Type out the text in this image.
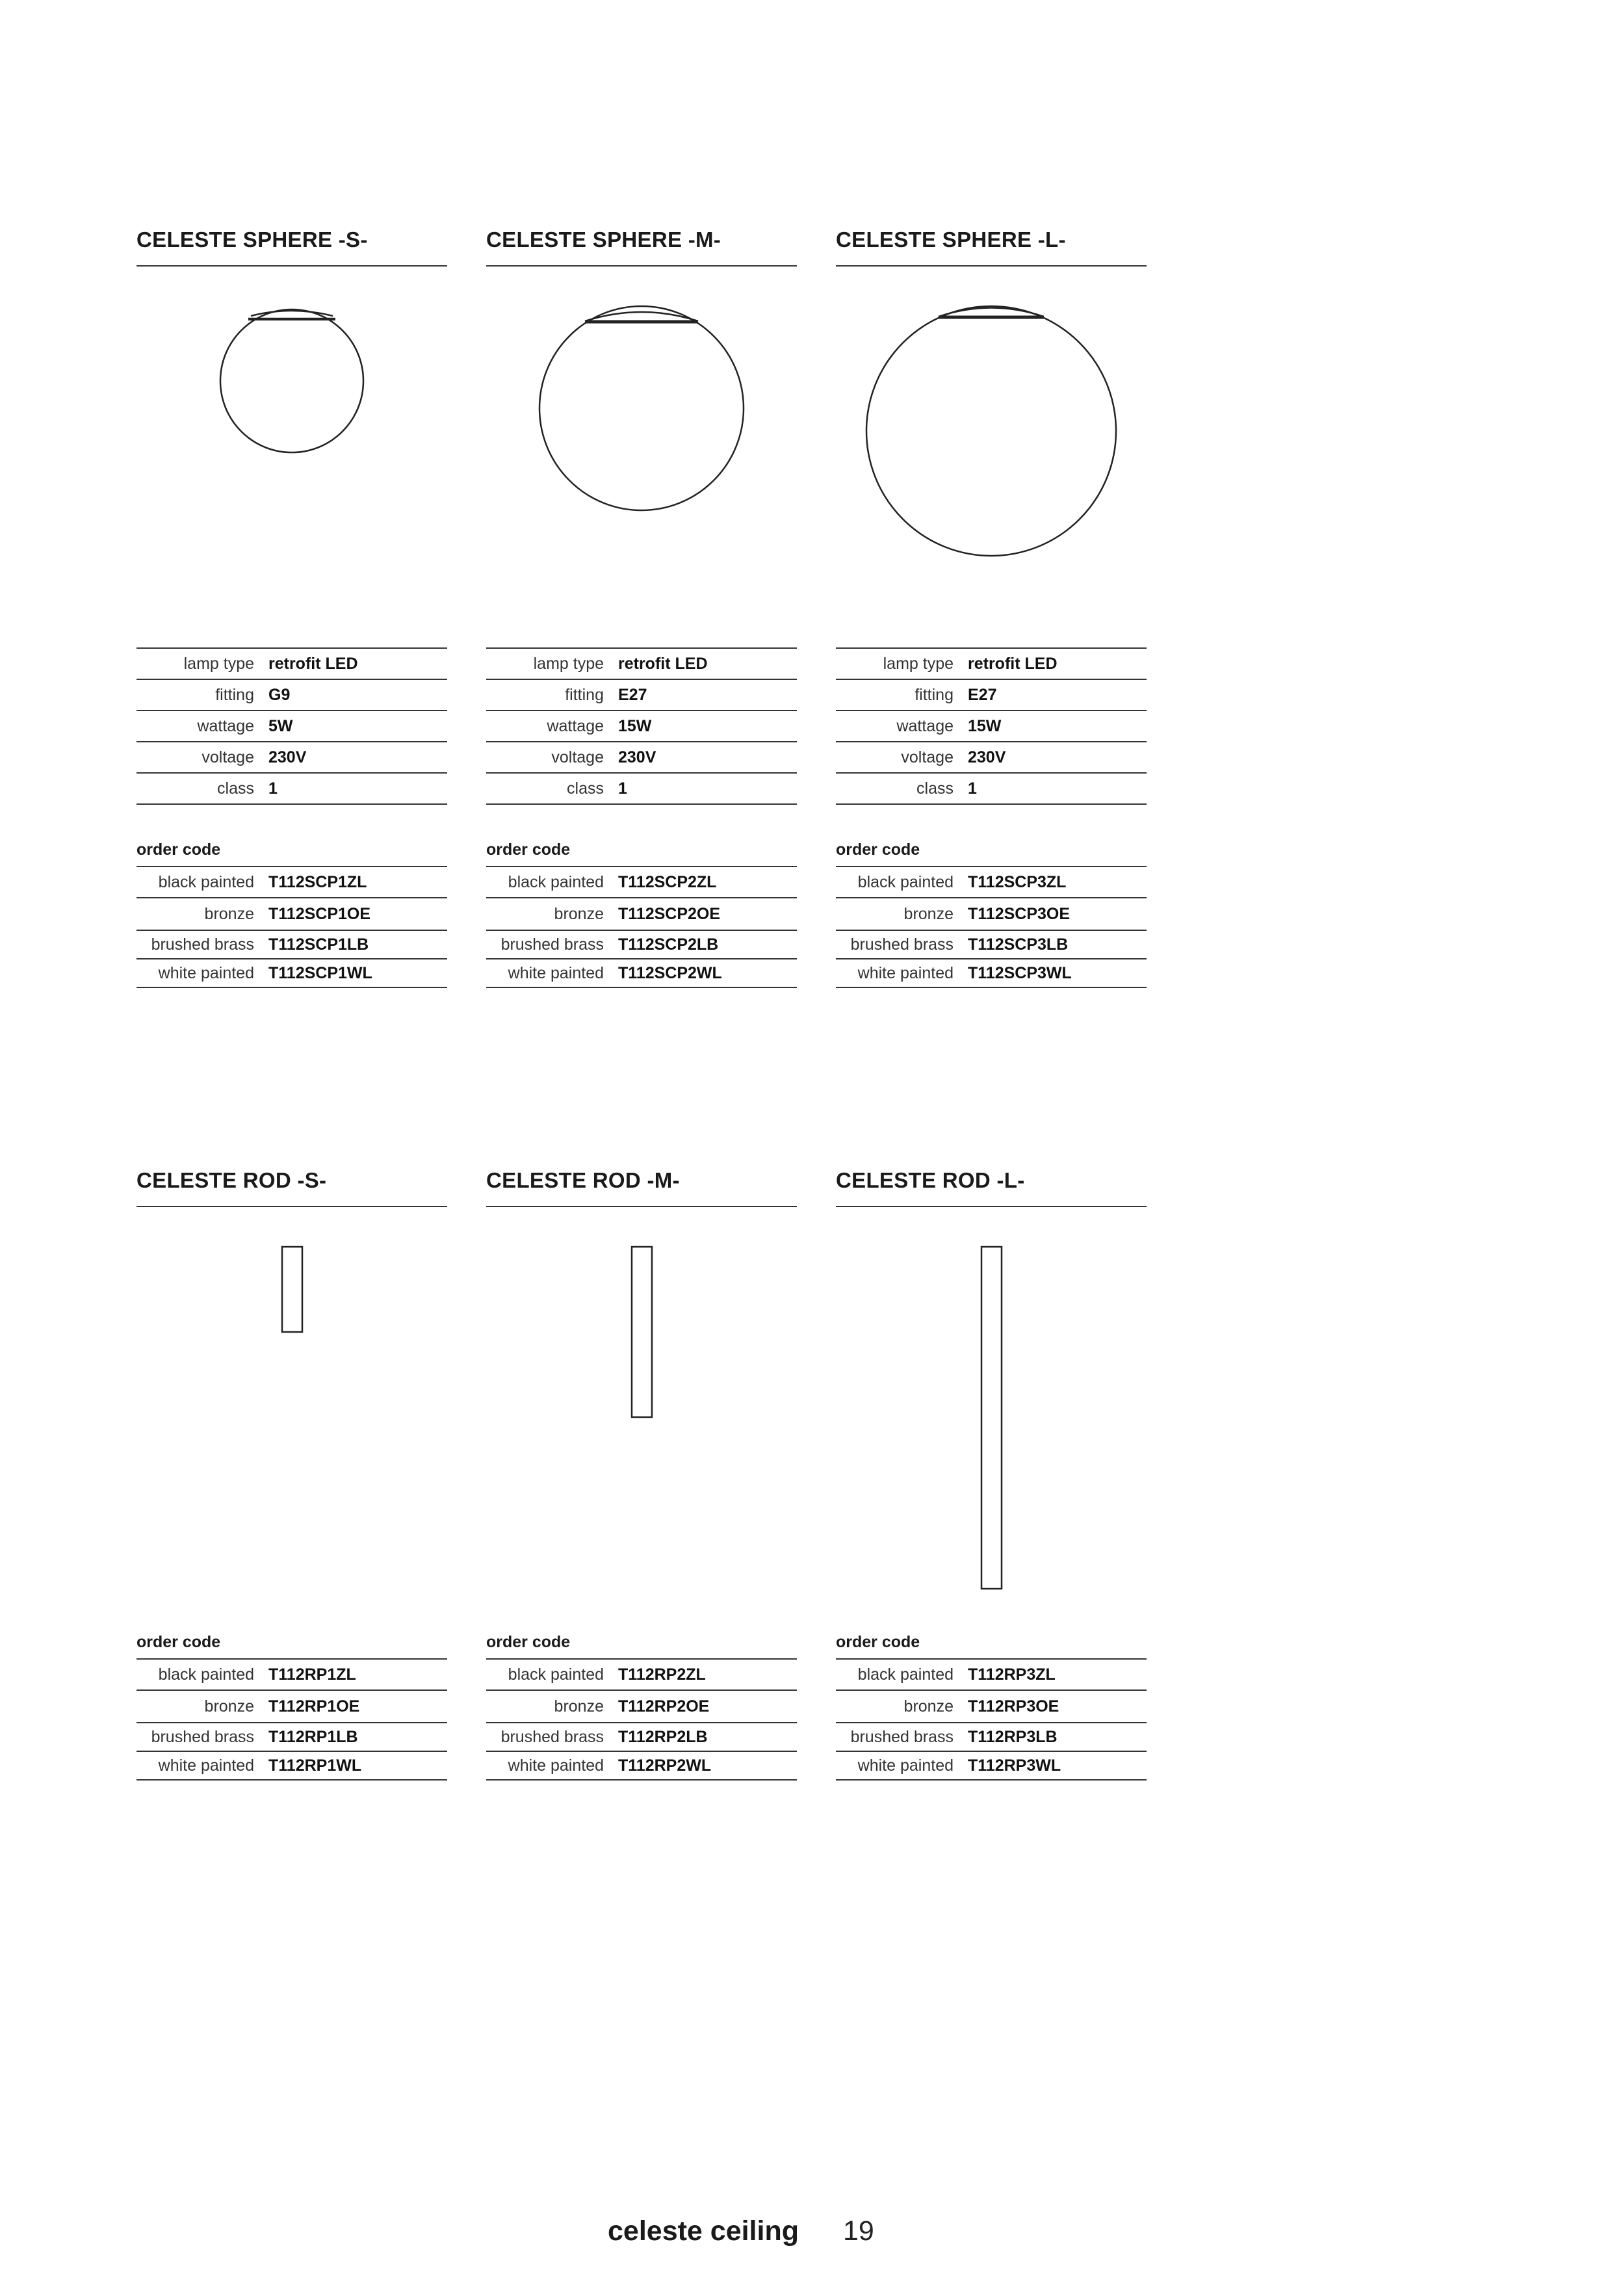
CELESTE SPHERE -S-
lamp type	retrofit LED
fitting	G9
wattage	5W
voltage	230V
class	1
order code
black painted	T112SCP1ZL
bronze	T112SCP1OE
brushed brass	T112SCP1LB
white painted	T112SCP1WL
CELESTE SPHERE -M-
lamp type	retrofit LED
fitting	E27
wattage	15W
voltage	230V
class	1
order code
black painted	T112SCP2ZL
bronze	T112SCP2OE
brushed brass	T112SCP2LB
white painted	T112SCP2WL
CELESTE SPHERE -L-
lamp type	retrofit LED
fitting	E27
wattage	15W
voltage	230V
class	1
order code
black painted	T112SCP3ZL
bronze	T112SCP3OE
brushed brass	T112SCP3LB
white painted	T112SCP3WL
CELESTE ROD -S-
order code
black painted	T112RP1ZL
bronze	T112RP1OE
brushed brass	T112RP1LB
white painted	T112RP1WL
CELESTE ROD -M-
order code
black painted	T112RP2ZL
bronze	T112RP2OE
brushed brass	T112RP2LB
white painted	T112RP2WL
CELESTE ROD -L-
order code
black painted	T112RP3ZL
bronze	T112RP3OE
brushed brass	T112RP3LB
white painted	T112RP3WL
celeste ceiling 19
